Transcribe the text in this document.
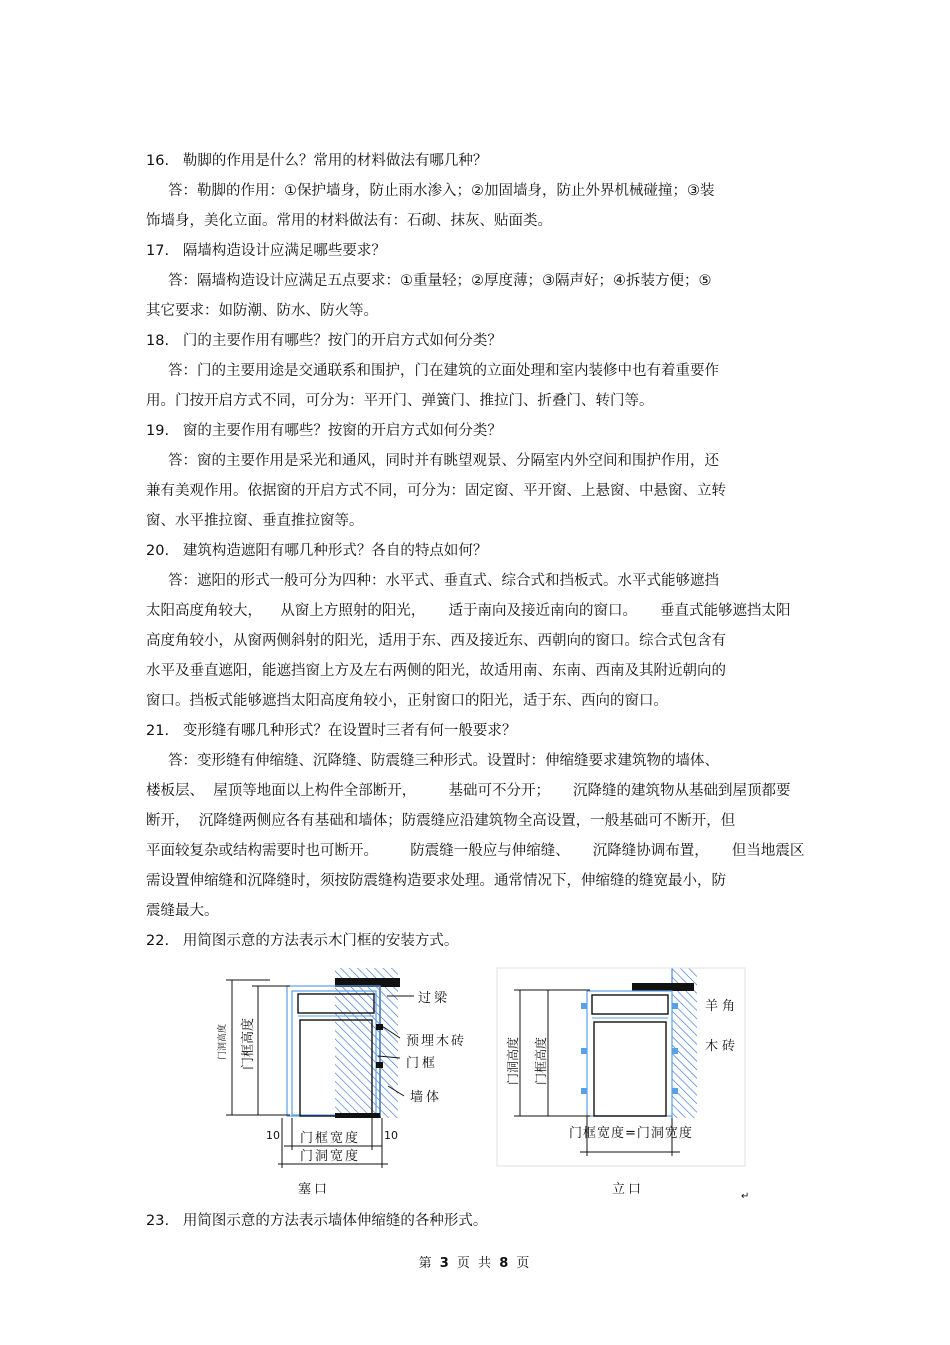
16.   勒脚的作用是什么？常用的材料做法有哪几种？
答：勒脚的作用：①保护墙身，防止雨水渗入；②加固墙身，防止外界机械碰撞；③装
饰墙身，美化立面。常用的材料做法有：石砌、抹灰、贴面类。
17.   隔墙构造设计应满足哪些要求？
答：隔墙构造设计应满足五点要求：①重量轻；②厚度薄；③隔声好；④拆装方便；⑤
其它要求：如防潮、防水、防火等。
18.   门的主要作用有哪些？按门的开启方式如何分类？
答：门的主要用途是交通联系和围护，门在建筑的立面处理和室内装修中也有着重要作
用。门按开启方式不同，可分为：平开门、弹簧门、推拉门、折叠门、转门等。
19.   窗的主要作用有哪些？按窗的开启方式如何分类？
答：窗的主要作用是采光和通风，同时并有眺望观景、分隔室内外空间和围护作用，还
兼有美观作用。依据窗的开启方式不同，可分为：固定窗、平开窗、上悬窗、中悬窗、立转
窗、水平推拉窗、垂直推拉窗等。
20.   建筑构造遮阳有哪几种形式？各自的特点如何？
答：遮阳的形式一般可分为四种：水平式、垂直式、综合式和挡板式。水平式能够遮挡
太阳高度角较大，    从窗上方照射的阳光，     适于南向及接近南向的窗口。     垂直式能够遮挡太阳
高度角较小，从窗两侧斜射的阳光，适用于东、西及接近东、西朝向的窗口。综合式包含有
水平及垂直遮阳，能遮挡窗上方及左右两侧的阳光，故适用南、东南、西南及其附近朝向的
窗口。挡板式能够遮挡太阳高度角较小，正射窗口的阳光，适于东、西向的窗口。
21.   变形缝有哪几种形式？在设置时三者有何一般要求？
答：变形缝有伸缩缝、沉降缝、防震缝三种形式。设置时：伸缩缝要求建筑物的墙体、
楼板层、  屋顶等地面以上构件全部断开，       基础可不分开；     沉降缝的建筑物从基础到屋顶都要
断开，  沉降缝两侧应各有基础和墙体；防震缝应沿建筑物全高设置，一般基础可不断开，但
平面较复杂或结构需要时也可断开。       防震缝一般应与伸缩缝、     沉降缝协调布置，     但当地震区
需设置伸缩缝和沉降缝时，须按防震缝构造要求处理。通常情况下，伸缩缝的缝宽最小，防
震缝最大。
22.   用简图示意的方法表示木门框的安装方式。
23.   用简图示意的方法表示墙体伸缩缝的各种形式。
过梁
预埋木砖
门框
墙体
门洞高度 门框高度
10	10
门框宽度
门洞宽度
塞口
羊角
木砖
门洞高度 门框高度
门框宽度=门洞宽度
立口	↵
第 3 页 共 8 页
